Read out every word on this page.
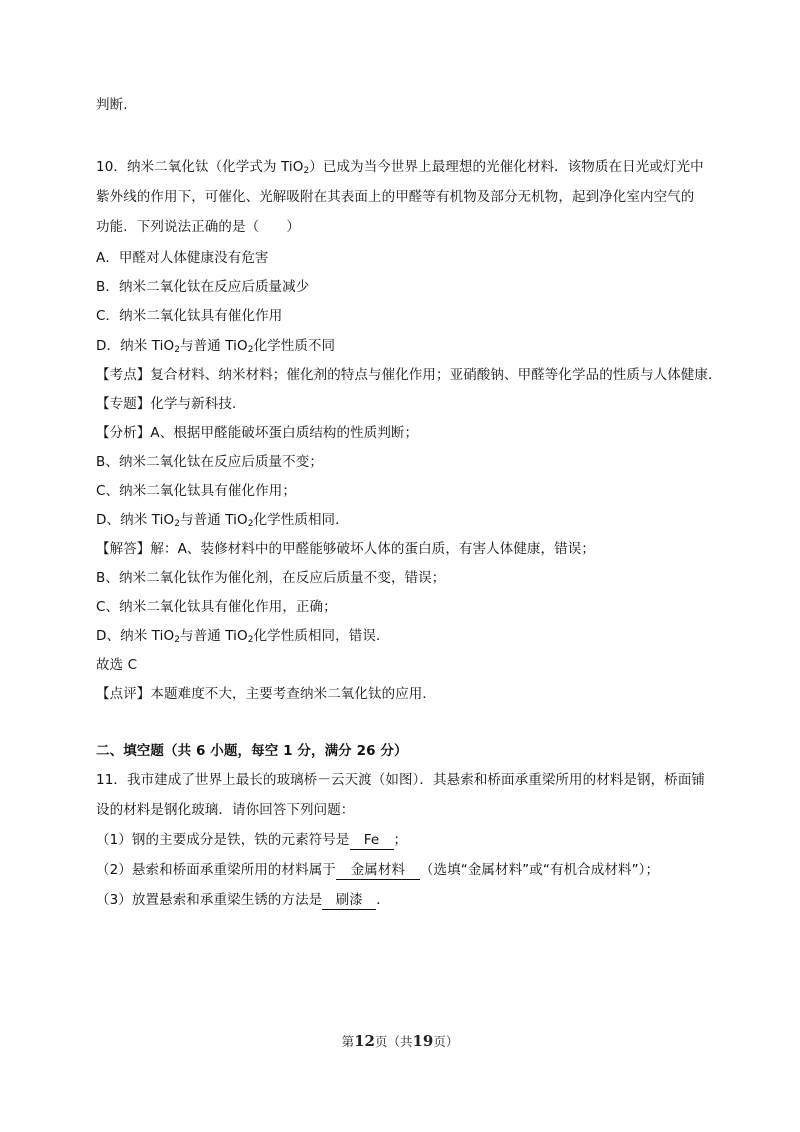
判断.
10．纳米二氧化钛（化学式为 TiO$_2$）已成为当今世界上最理想的光催化材料．该物质在日光或灯光中
紫外线的作用下，可催化、光解吸附在其表面上的甲醛等有机物及部分无机物，起到净化室内空气的
功能．下列说法正确的是（　　）
A．甲醛对人体健康没有危害
B．纳米二氧化钛在反应后质量减少
C．纳米二氧化钛具有催化作用
D．纳米 TiO$_2$与普通 TiO$_2$化学性质不同
【考点】复合材料、纳米材料；催化剂的特点与催化作用；亚硝酸钠、甲醛等化学品的性质与人体健康．
【专题】化学与新科技．
【分析】A、根据甲醛能破坏蛋白质结构的性质判断；
B、纳米二氧化钛在反应后质量不变；
C、纳米二氧化钛具有催化作用；
D、纳米 TiO$_2$与普通 TiO$_2$化学性质相同．
【解答】解：A、装修材料中的甲醛能够破坏人体的蛋白质，有害人体健康，错误；
B、纳米二氧化钛作为催化剂，在反应后质量不变，错误；
C、纳米二氧化钛具有催化作用，正确；
D、纳米 TiO$_2$与普通 TiO$_2$化学性质相同，错误．
故选 C
【点评】本题难度不大，主要考查纳米二氧化钛的应用．
二、填空题（共 6 小题，每空 1 分，满分 26 分）
11．我市建成了世界上最长的玻璃桥－云天渡（如图）．其悬索和桥面承重梁所用的材料是钢，桥面铺
设的材料是钢化玻璃．请你回答下列问题：
（1）钢的主要成分是铁，铁的元素符号是 Fe ；
（2）悬索和桥面承重梁所用的材料属于 金属材料 （选填“金属材料”或“有机合成材料”）；
（3）放置悬索和承重梁生锈的方法是 刷漆 ．
第12页（共19页）
